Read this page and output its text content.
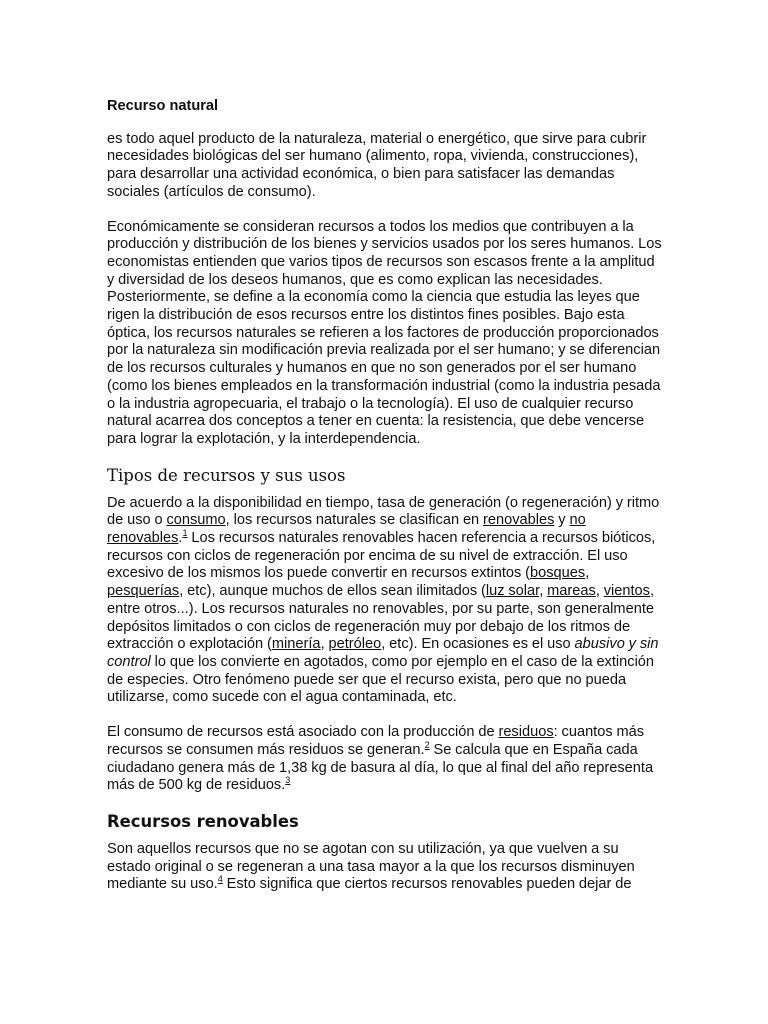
Recurso natural

es todo aquel producto de la naturaleza, material o energético, que sirve para cubrir necesidades biológicas del ser humano (alimento, ropa, vivienda, construcciones), para desarrollar una actividad económica, o bien para satisfacer las demandas sociales (artículos de consumo).

Económicamente se consideran recursos a todos los medios que contribuyen a la producción y distribución de los bienes y servicios usados por los seres humanos. Los economistas entienden que varios tipos de recursos son escasos frente a la amplitud y diversidad de los deseos humanos, que es como explican las necesidades. Posteriormente, se define a la economía como la ciencia que estudia las leyes que rigen la distribución de esos recursos entre los distintos fines posibles. Bajo esta óptica, los recursos naturales se refieren a los factores de producción proporcionados por la naturaleza sin modificación previa realizada por el ser humano; y se diferencian de los recursos culturales y humanos en que no son generados por el ser humano (como los bienes empleados en la transformación industrial (como la industria pesada o la industria agropecuaria, el trabajo o la tecnología). El uso de cualquier recurso natural acarrea dos conceptos a tener en cuenta: la resistencia, que debe vencerse para lograr la explotación, y la interdependencia.

Tipos de recursos y sus usos

De acuerdo a la disponibilidad en tiempo, tasa de generación (o regeneración) y ritmo de uso o consumo, los recursos naturales se clasifican en renovables y no renovables.$^1$ Los recursos naturales renovables hacen referencia a recursos bióticos, recursos con ciclos de regeneración por encima de su nivel de extracción. El uso excesivo de los mismos los puede convertir en recursos extintos (bosques, pesquerías, etc), aunque muchos de ellos sean ilimitados (luz solar, mareas, vientos, entre otros...). Los recursos naturales no renovables, por su parte, son generalmente depósitos limitados o con ciclos de regeneración muy por debajo de los ritmos de extracción o explotación (minería, petróleo, etc). En ocasiones es el uso abusivo y sin control lo que los convierte en agotados, como por ejemplo en el caso de la extinción de especies. Otro fenómeno puede ser que el recurso exista, pero que no pueda utilizarse, como sucede con el agua contaminada, etc.

El consumo de recursos está asociado con la producción de residuos: cuantos más recursos se consumen más residuos se generan.$^2$ Se calcula que en España cada ciudadano genera más de 1,38 kg de basura al día, lo que al final del año representa más de 500 kg de residuos.$^3$

Recursos renovables

Son aquellos recursos que no se agotan con su utilización, ya que vuelven a su estado original o se regeneran a una tasa mayor a la que los recursos disminuyen mediante su uso.$^4$ Esto significa que ciertos recursos renovables pueden dejar de
